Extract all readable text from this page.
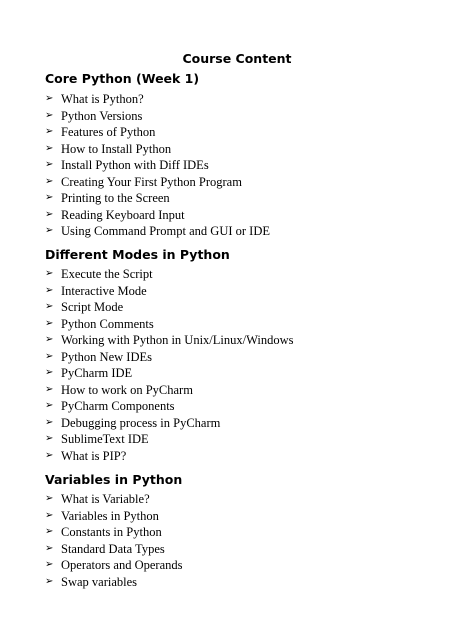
Course Content
Core Python (Week 1)
➢ What is Python?
➢ Python Versions
➢ Features of Python
➢ How to Install Python
➢ Install Python with Diff IDEs
➢ Creating Your First Python Program
➢ Printing to the Screen
➢ Reading Keyboard Input
➢ Using Command Prompt and GUI or IDE
Different Modes in Python
➢ Execute the Script
➢ Interactive Mode
➢ Script Mode
➢ Python Comments
➢ Working with Python in Unix/Linux/Windows
➢ Python New IDEs
➢ PyCharm IDE
➢ How to work on PyCharm
➢ PyCharm Components
➢ Debugging process in PyCharm
➢ SublimeText IDE
➢ What is PIP?
Variables in Python
➢ What is Variable?
➢ Variables in Python
➢ Constants in Python
➢ Standard Data Types
➢ Operators and Operands
➢ Swap variables
